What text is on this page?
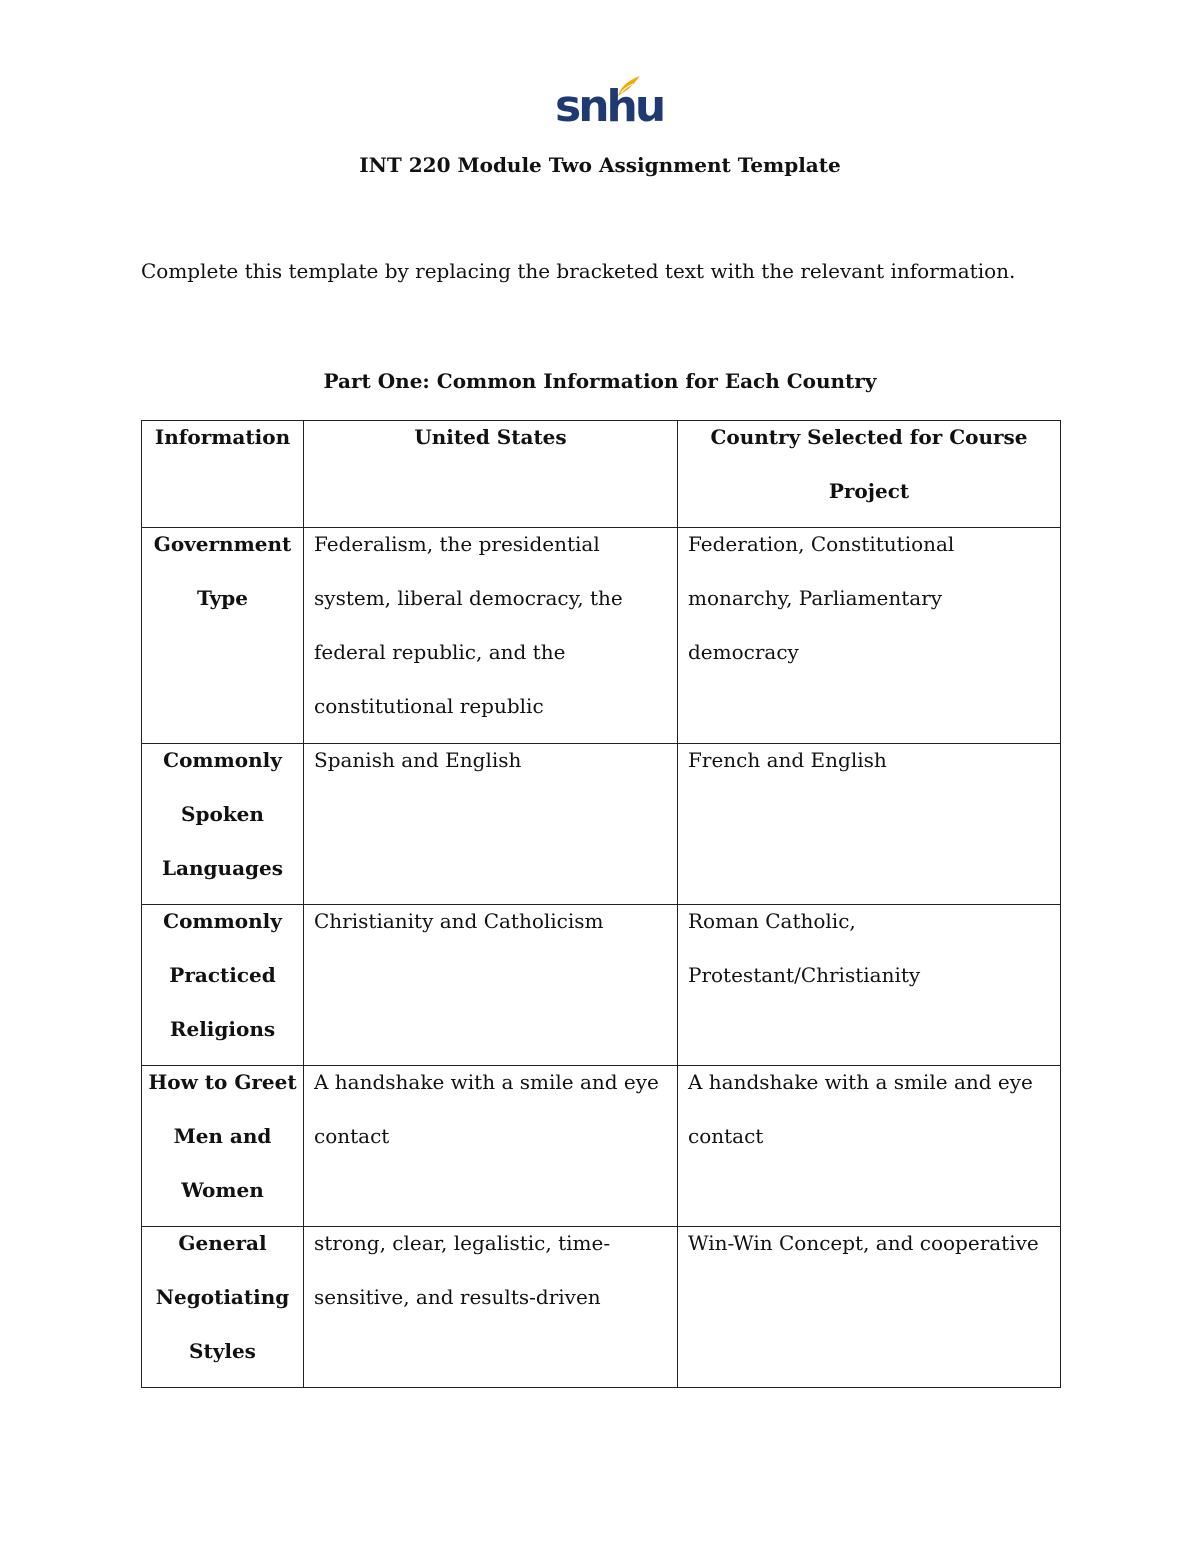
snhu
INT 220 Module Two Assignment Template
Complete this template by replacing the bracketed text with the relevant information.
Part One: Common Information for Each Country
Information	United States	Country Selected for Course Project

Government Type	Federalism, the presidential system, liberal democracy, the federal republic, and the constitutional republic	Federation, Constitutional monarchy, Parliamentary democracy

Commonly Spoken Languages	Spanish and English	French and English

Commonly Practiced Religions	Christianity and Catholicism	Roman Catholic, Protestant/Christianity

How to Greet Men and Women	A handshake with a smile and eye contact	A handshake with a smile and eye contact

General Negotiating Styles	strong, clear, legalistic, time-sensitive, and results-driven	Win-Win Concept, and cooperative
